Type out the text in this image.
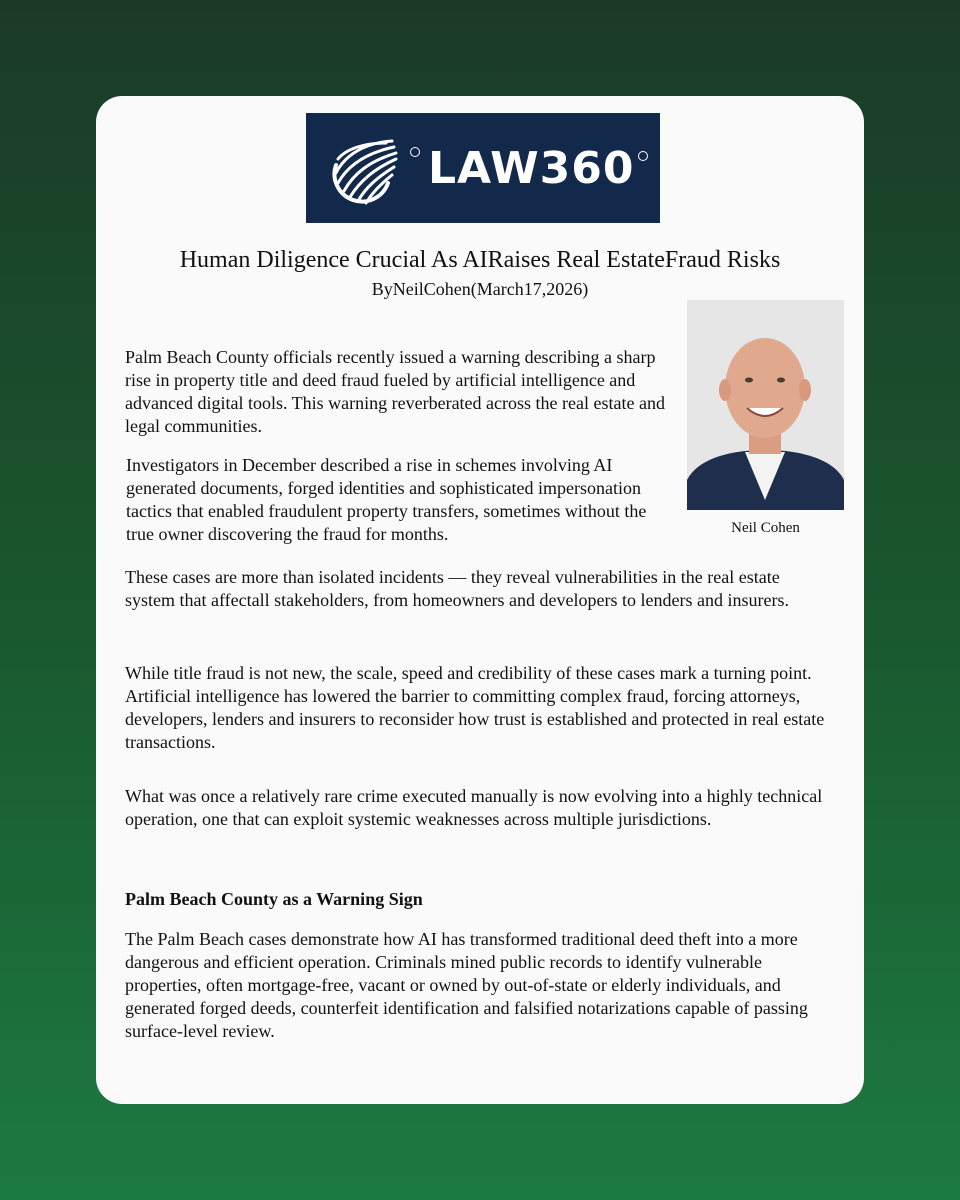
LAW360
Human Diligence Crucial As AIRaises Real EstateFraud Risks
ByNeilCohen(March17,2026)
Neil Cohen

Palm Beach County officials recently issued a warning describing a sharp rise in property title and deed fraud fueled by artificial intelligence and advanced digital tools. This warning reverberated across the real estate and legal communities.

Investigators in December described a rise in schemes involving AI generated documents, forged identities and sophisticated impersonation tactics that enabled fraudulent property transfers, sometimes without the true owner discovering the fraud for months.

These cases are more than isolated incidents — they reveal vulnerabilities in the real estate system that affectall stakeholders, from homeowners and developers to lenders and insurers.

While title fraud is not new, the scale, speed and credibility of these cases mark a turning point. Artificial intelligence has lowered the barrier to committing complex fraud, forcing attorneys, developers, lenders and insurers to reconsider how trust is established and protected in real estate transactions.

What was once a relatively rare crime executed manually is now evolving into a highly technical operation, one that can exploit systemic weaknesses across multiple jurisdictions.

Palm Beach County as a Warning Sign

The Palm Beach cases demonstrate how AI has transformed traditional deed theft into a more dangerous and efficient operation. Criminals mined public records to identify vulnerable properties, often mortgage-free, vacant or owned by out-of-state or elderly individuals, and generated forged deeds, counterfeit identification and falsified notarizations capable of passing surface-level review.
